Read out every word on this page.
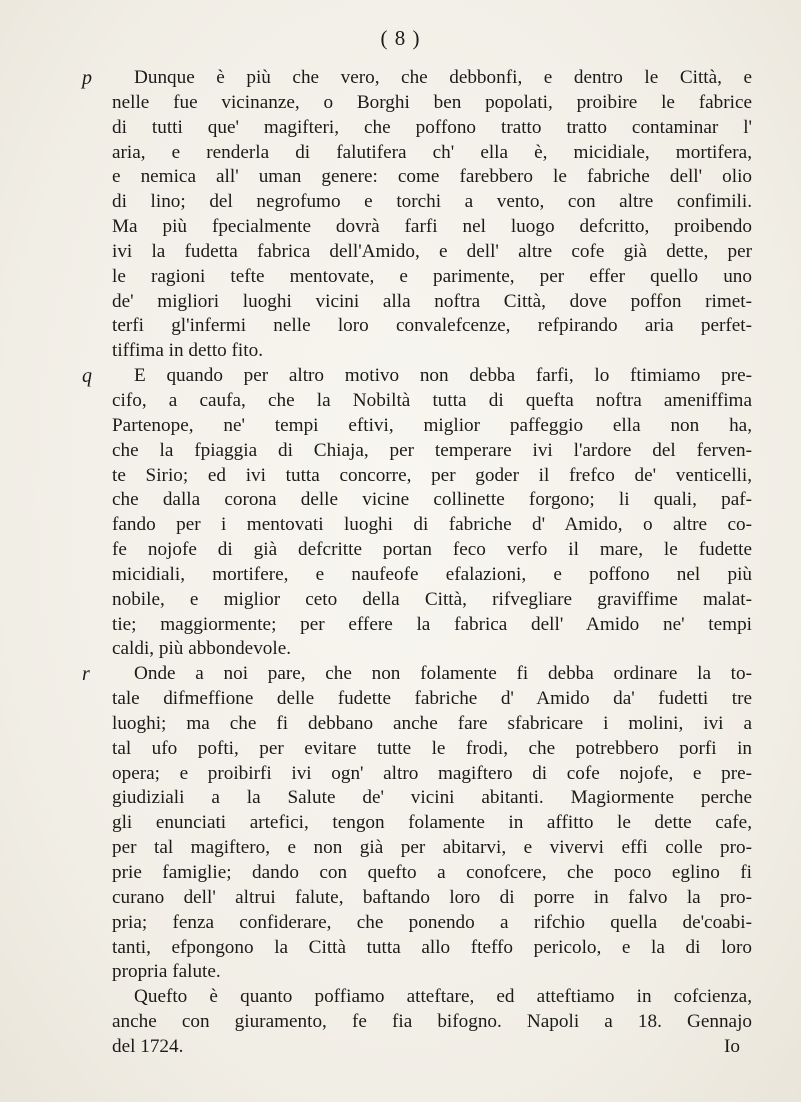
( 8 )
Dunque è più che vero, che debbonfi, e dentro le Città, e
nelle fue vicinanze, o Borghi ben popolati, proibire le fabrice
di tutti que' magifteri, che poffono tratto tratto contaminar l'
aria, e renderla di falutifera ch' ella è, micidiale, mortifera,
e nemica all' uman genere: come farebbero le fabriche dell' olio
di lino; del negrofumo e torchi a vento, con altre confimili.
Ma più fpecialmente dovrà farfi nel luogo defcritto, proibendo
ivi la fudetta fabrica dell'Amido, e dell' altre cofe già dette, per
le ragioni tefte mentovate, e parimente, per effer quello uno
de' migliori luoghi vicini alla noftra Città, dove poffon rimet-
terfi gl'infermi nelle loro convalefcenze, refpirando aria perfet-
tiffima in detto fito.
p
E quando per altro motivo non debba farfi, lo ftimiamo pre-
cifo, a caufa, che la Nobiltà tutta di quefta noftra ameniffima
Partenope, ne' tempi eftivi, miglior paffeggio ella non ha,
che la fpiaggia di Chiaja, per temperare ivi l'ardore del ferven-
te Sirio; ed ivi tutta concorre, per goder il frefco de' venticelli,
che dalla corona delle vicine collinette forgono; li quali, paf-
fando per i mentovati luoghi di fabriche d' Amido, o altre co-
fe nojofe di già defcritte portan feco verfo il mare, le fudette
micidiali, mortifere, e naufeofe efalazioni, e poffono nel più
nobile, e miglior ceto della Città, rifvegliare graviffime malat-
tie; maggiormente; per effere la fabrica dell' Amido ne' tempi
caldi, più abbondevole.
q
Onde a noi pare, che non folamente fi debba ordinare la to-
tale difmeffione delle fudette fabriche d' Amido da' fudetti tre
luoghi; ma che fi debbano anche fare sfabricare i molini, ivi a
tal ufo pofti, per evitare tutte le frodi, che potrebbero porfi in
opera; e proibirfi ivi ogn' altro magiftero di cofe nojofe, e pre-
giudiziali a la Salute de' vicini abitanti. Magiormente perche
gli enunciati artefici, tengon folamente in affitto le dette cafe,
per tal magiftero, e non già per abitarvi, e vivervi effi colle pro-
prie famiglie; dando con quefto a conofcere, che poco eglino fi
curano dell' altrui falute, baftando loro di porre in falvo la pro-
pria; fenza confiderare, che ponendo a rifchio quella de'coabi-
tanti, efpongono la Città tutta allo fteffo pericolo, e la di loro
propria falute.
r
Quefto è quanto poffiamo atteftare, ed atteftiamo in cofcienza,
anche con giuramento, fe fia bifogno. Napoli a 18. Gennajo
del 1724.	Io
